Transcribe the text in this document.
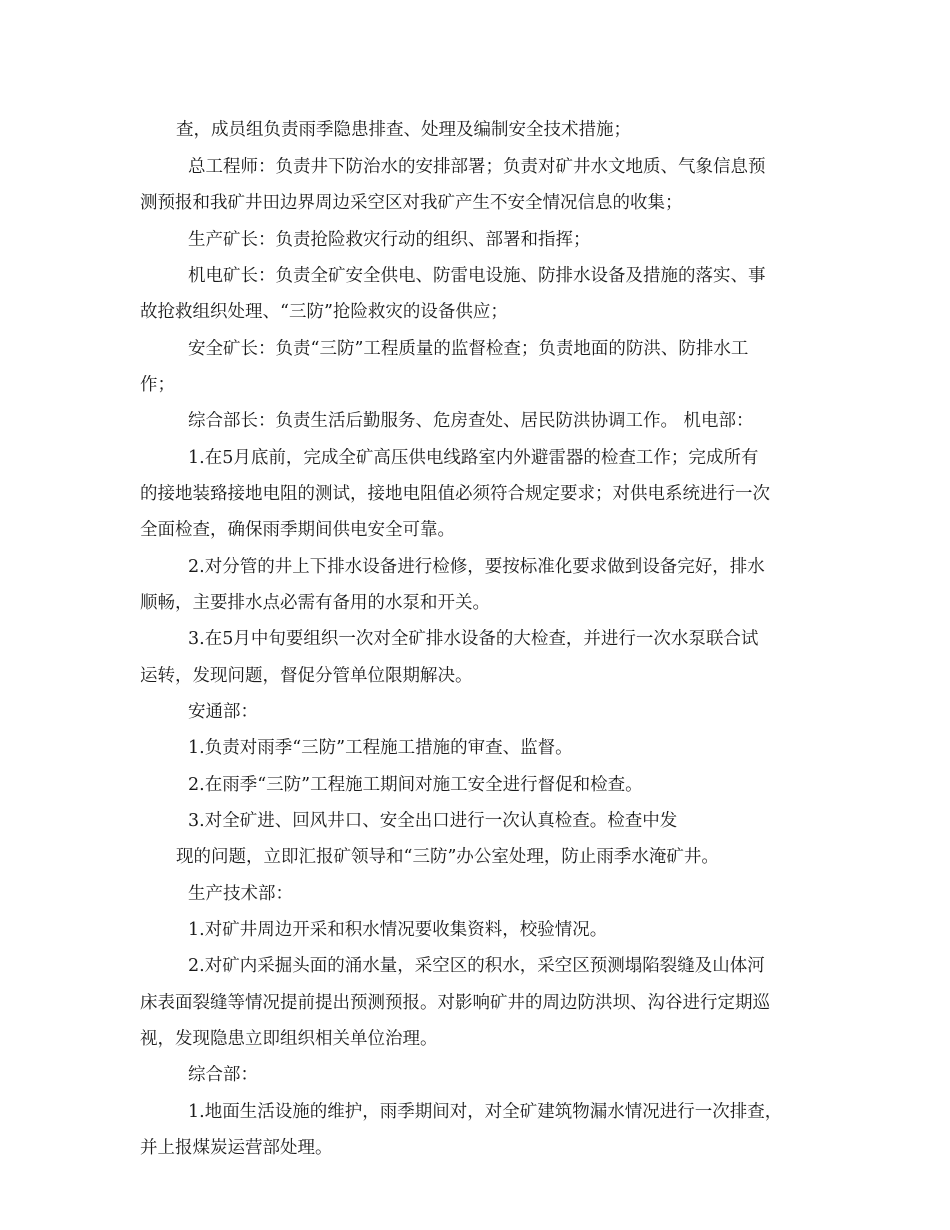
查，成员组负责雨季隐患排查、处理及编制安全技术措施；

总工程师：负责井下防治水的安排部署；负责对矿井水文地质、气象信息预

测预报和我矿井田边界周边采空区对我矿产生不安全情况信息的收集；

生产矿长：负责抢险救灾行动的组织、部署和指挥；

机电矿长：负责全矿安全供电、防雷电设施、防排水设备及措施的落实、事

故抢救组织处理、“三防”抢险救灾的设备供应；

安全矿长：负责“三防”工程质量的监督检查；负责地面的防洪、防排水工

作；

综合部长：负责生活后勤服务、危房查处、居民防洪协调工作。 机电部：

1.在5月底前，完成全矿高压供电线路室内外避雷器的检查工作；完成所有

的接地装臵接地电阻的测试，接地电阻值必须符合规定要求；对供电系统进行一次

全面检查，确保雨季期间供电安全可靠。

2.对分管的井上下排水设备进行检修，要按标准化要求做到设备完好，排水

顺畅，主要排水点必需有备用的水泵和开关。

3.在5月中旬要组织一次对全矿排水设备的大检查，并进行一次水泵联合试

运转，发现问题，督促分管单位限期解决。

安通部：

1.负责对雨季“三防”工程施工措施的审查、监督。

2.在雨季“三防”工程施工期间对施工安全进行督促和检查。

3.对全矿进、回风井口、安全出口进行一次认真检查。检查中发

现的问题，立即汇报矿领导和“三防”办公室处理，防止雨季水淹矿井。

生产技术部：

1.对矿井周边开采和积水情况要收集资料，校验情况。

2.对矿内采掘头面的涌水量，采空区的积水，采空区预测塌陷裂缝及山体河

床表面裂缝等情况提前提出预测预报。对影响矿井的周边防洪坝、沟谷进行定期巡

视，发现隐患立即组织相关单位治理。

综合部：

1.地面生活设施的维护，雨季期间对，对全矿建筑物漏水情况进行一次排查，

并上报煤炭运营部处理。
